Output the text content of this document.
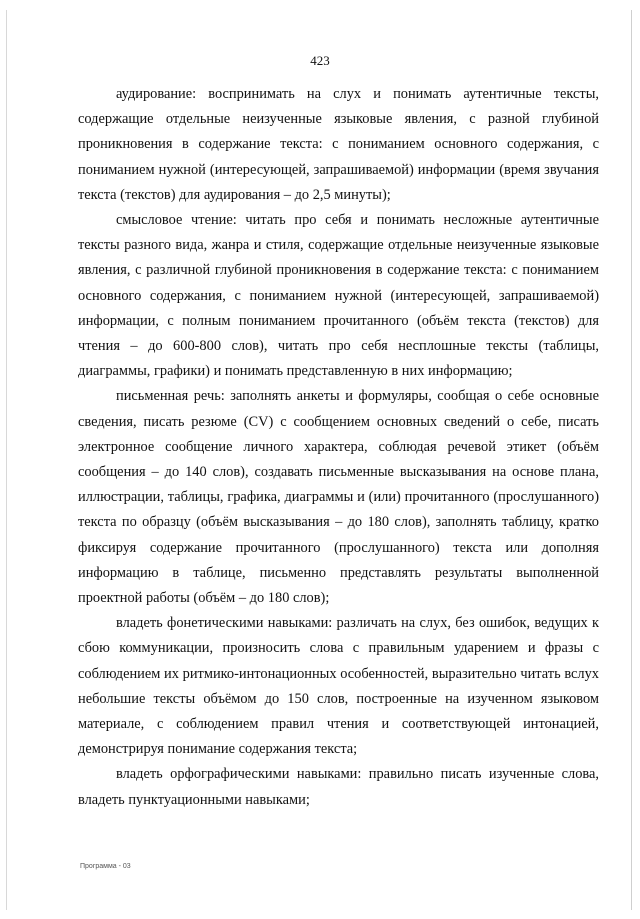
423

аудирование: воспринимать на слух и понимать аутентичные тексты, содержащие отдельные неизученные языковые явления, с разной глубиной проникновения в содержание текста: с пониманием основного содержания, с пониманием нужной (интересующей, запрашиваемой) информации (время звучания текста (текстов) для аудирования – до 2,5 минуты);

смысловое чтение: читать про себя и понимать несложные аутентичные тексты разного вида, жанра и стиля, содержащие отдельные неизученные языковые явления, с различной глубиной проникновения в содержание текста: с пониманием основного содержания, с пониманием нужной (интересующей, запрашиваемой) информации, с полным пониманием прочитанного (объём текста (текстов) для чтения – до 600-800 слов), читать про себя несплошные тексты (таблицы, диаграммы, графики) и понимать представленную в них информацию;

письменная речь: заполнять анкеты и формуляры, сообщая о себе основные сведения, писать резюме (CV) с сообщением основных сведений о себе, писать электронное сообщение личного характера, соблюдая речевой этикет (объём сообщения – до 140 слов), создавать письменные высказывания на основе плана, иллюстрации, таблицы, графика, диаграммы и (или) прочитанного (прослушанного) текста по образцу (объём высказывания – до 180 слов), заполнять таблицу, кратко фиксируя содержание прочитанного (прослушанного) текста или дополняя информацию в таблице, письменно представлять результаты выполненной проектной работы (объём – до 180 слов);

владеть фонетическими навыками: различать на слух, без ошибок, ведущих к сбою коммуникации, произносить слова с правильным ударением и фразы с соблюдением их ритмико-интонационных особенностей, выразительно читать вслух небольшие тексты объёмом до 150 слов, построенные на изученном языковом материале, с соблюдением правил чтения и соответствующей интонацией, демонстрируя понимание содержания текста;

владеть орфографическими навыками: правильно писать изученные слова, владеть пунктуационными навыками;

Программа - 03
